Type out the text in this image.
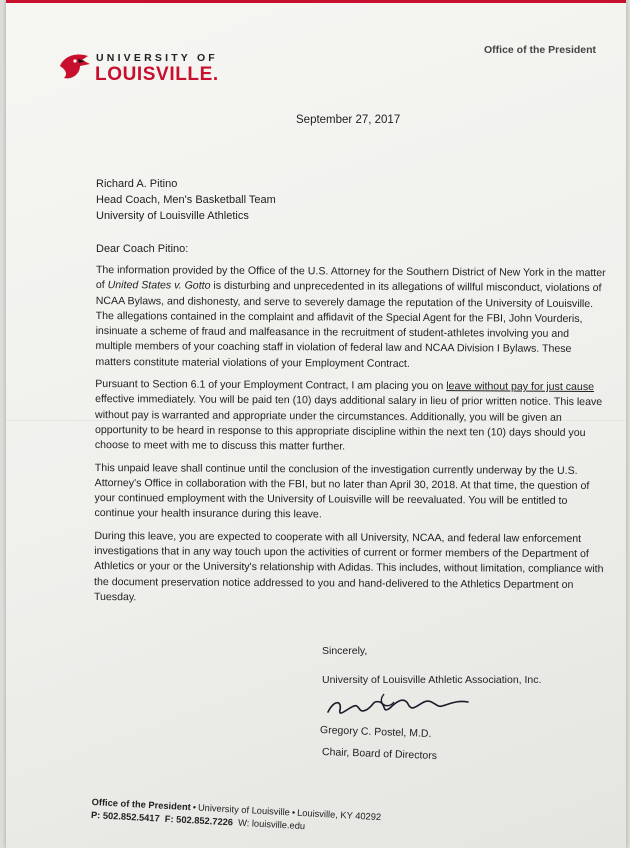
UNIVERSITY OF
LOUISVILLE.
Office of the President
September 27, 2017
Richard A. Pitino
Head Coach, Men's Basketball Team
University of Louisville Athletics
Dear Coach Pitino:

The information provided by the Office of the U.S. Attorney for the Southern District of New York in the matter of United States v. Gotto is disturbing and unprecedented in its allegations of willful misconduct, violations of NCAA Bylaws, and dishonesty, and serve to severely damage the reputation of the University of Louisville. The allegations contained in the complaint and affidavit of the Special Agent for the FBI, John Vourderis, insinuate a scheme of fraud and malfeasance in the recruitment of student-athletes involving you and multiple members of your coaching staff in violation of federal law and NCAA Division I Bylaws. These matters constitute material violations of your Employment Contract.

Pursuant to Section 6.1 of your Employment Contract, I am placing you on leave without pay for just cause effective immediately. You will be paid ten (10) days additional salary in lieu of prior written notice. This leave without pay is warranted and appropriate under the circumstances. Additionally, you will be given an opportunity to be heard in response to this appropriate discipline within the next ten (10) days should you choose to meet with me to discuss this matter further.

This unpaid leave shall continue until the conclusion of the investigation currently underway by the U.S. Attorney's Office in collaboration with the FBI, but no later than April 30, 2018. At that time, the question of your continued employment with the University of Louisville will be reevaluated. You will be entitled to continue your health insurance during this leave.

During this leave, you are expected to cooperate with all University, NCAA, and federal law enforcement investigations that in any way touch upon the activities of current or former members of the Department of Athletics or your or the University's relationship with Adidas. This includes, without limitation, compliance with the document preservation notice addressed to you and hand-delivered to the Athletics Department on Tuesday.

Sincerely,
University of Louisville Athletic Association, Inc.
Gregory C. Postel, M.D.
Chair, Board of Directors
Office of the President•University of Louisville•Louisville, KY 40292
P: 502.852.5417 F: 502.852.7226 W: louisville.edu
